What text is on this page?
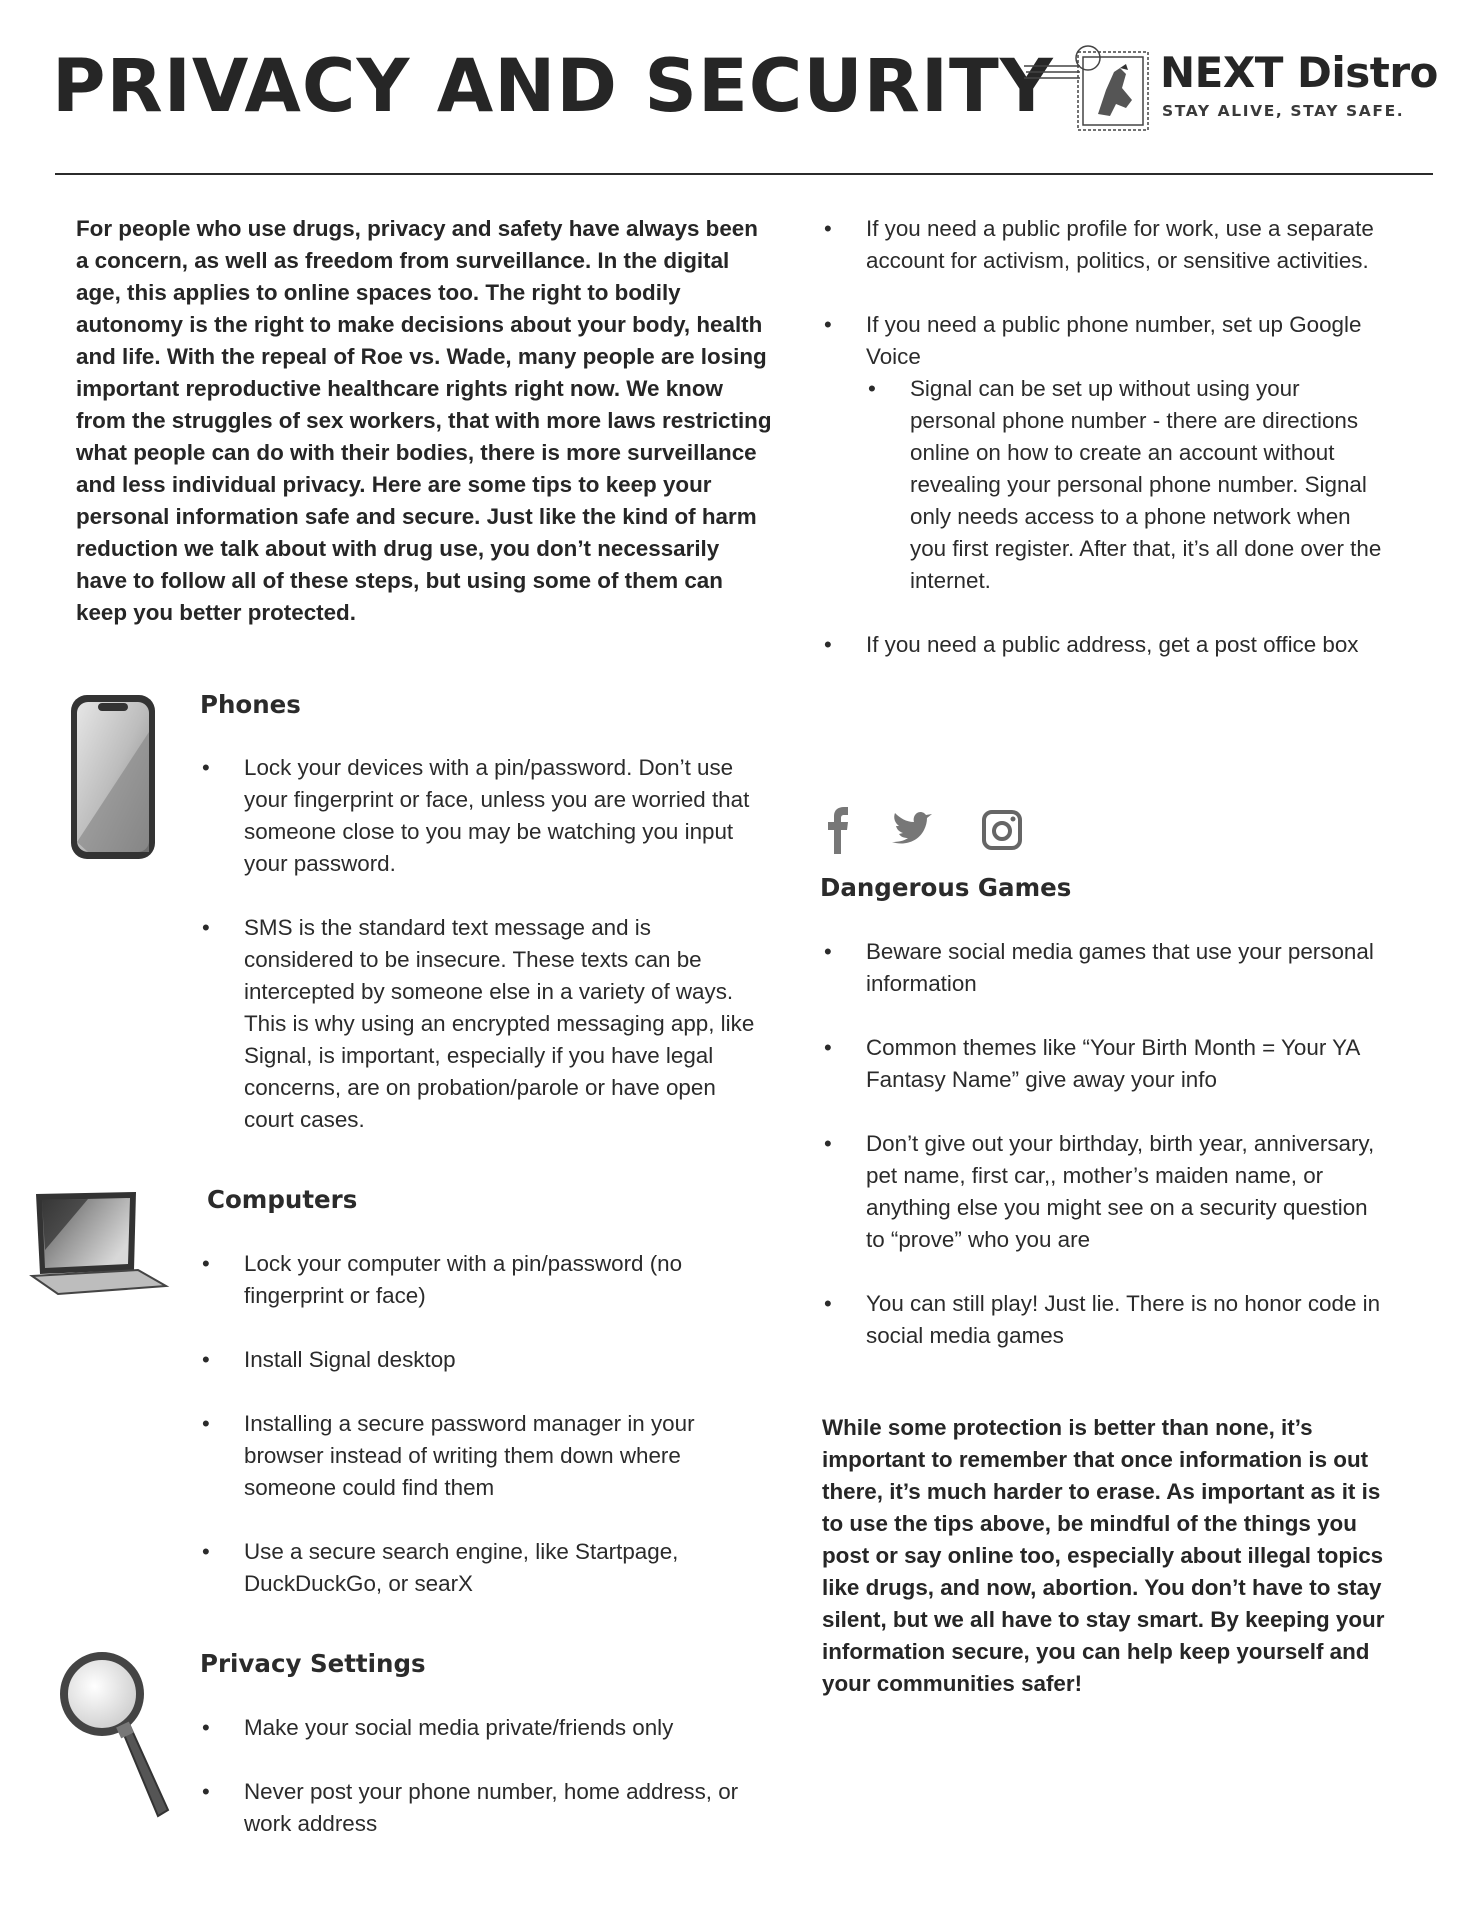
PRIVACY AND SECURITY	NEXT Distro
STAY ALIVE, STAY SAFE.

For people who use drugs, privacy and safety have always been a concern, as well as freedom from surveillance. In the digital age, this applies to online spaces too. The right to bodily autonomy is the right to make decisions about your body, health and life. With the repeal of Roe vs. Wade, many people are losing important reproductive healthcare rights right now. We know from the struggles of sex workers, that with more laws restricting what people can do with their bodies, there is more surveillance and less individual privacy. Here are some tips to keep your personal information safe and secure. Just like the kind of harm reduction we talk about with drug use, you don’t necessarily have to follow all of these steps, but using some of them can keep you better protected.

Phones
• Lock your devices with a pin/password. Don’t use your fingerprint or face, unless you are worried that someone close to you may be watching you input your password.
• SMS is the standard text message and is considered to be insecure. These texts can be intercepted by someone else in a variety of ways. This is why using an encrypted messaging app, like Signal, is important, especially if you have legal concerns, are on probation/parole or have open court cases.
Computers
• Lock your computer with a pin/password (no fingerprint or face)
• Install Signal desktop
• Installing a secure password manager in your browser instead of writing them down where someone could find them
• Use a secure search engine, like Startpage, DuckDuckGo, or searX
Privacy Settings
• Make your social media private/friends only
• Never post your phone number, home address, or work address
• If you need a public profile for work, use a separate account for activism, politics, or sensitive activities.
• If you need a public phone number, set up Google Voice
• Signal can be set up without using your personal phone number - there are directions online on how to create an account without revealing your personal phone number. Signal only needs access to a phone network when you first register. After that, it’s all done over the internet.
• If you need a public address, get a post office box
Dangerous Games
• Beware social media games that use your personal information
• Common themes like “Your Birth Month = Your YA Fantasy Name” give away your info
• Don’t give out your birthday, birth year, anniversary, pet name, first car,, mother’s maiden name, or anything else you might see on a security question to “prove” who you are
• You can still play! Just lie. There is no honor code in social media games

While some protection is better than none, it’s important to remember that once information is out there, it’s much harder to erase. As important as it is to use the tips above, be mindful of the things you post or say online too, especially about illegal topics like drugs, and now, abortion. You don’t have to stay silent, but we all have to stay smart. By keeping your information secure, you can help keep yourself and your communities safer!
